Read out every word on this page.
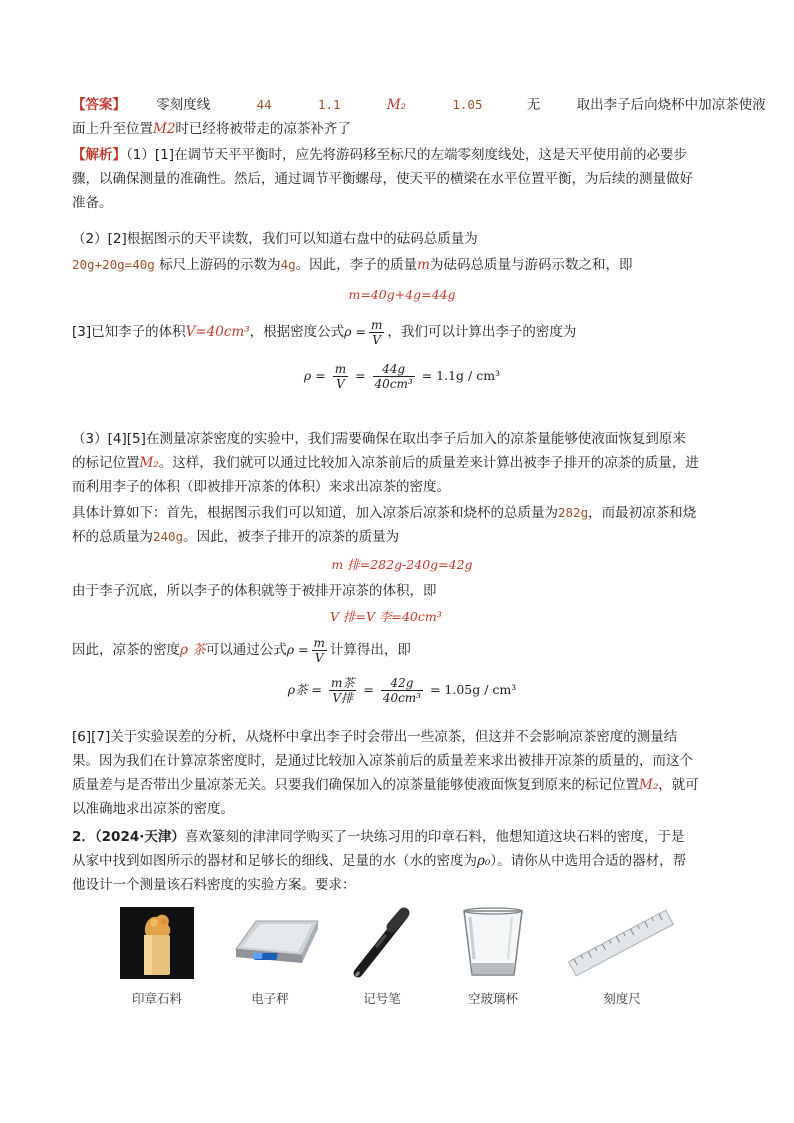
【答案】 零刻度线	44	1.1	M₂	1.05	无	取出李子后向烧杯中加凉茶使液
面上升至位置M2时已经将被带走的凉茶补齐了
【解析】（1）[1]在调节天平平衡时，应先将游码移至标尺的左端零刻度线处，这是天平使用前的必要步
骤，以确保测量的准确性。然后，通过调节平衡螺母，使天平的横梁在水平位置平衡，为后续的测量做好
准备。
（2）[2]根据图示的天平读数，我们可以知道右盘中的砝码总质量为
20g+20g=40g 标尺上游码的示数为4g。因此，李子的质量m为砝码总质量与游码示数之和，即
m=40g+4g=44g
[3]已知李子的体积V=40cm³，根据密度公式$\rho = \frac{m}{V}$ ，我们可以计算出李子的密度为
$\rho = \frac{m}{V} = \frac{44g}{\text{40cm³}} = 1.1g / cm^3$
（3）[4][5]在测量凉茶密度的实验中，我们需要确保在取出李子后加入的凉茶量能够使液面恢复到原来
的标记位置M₂。这样，我们就可以通过比较加入凉茶前后的质量差来计算出被李子排开的凉茶的质量，进
而利用李子的体积（即被排开凉茶的体积）来求出凉茶的密度。
具体计算如下：首先，根据图示我们可以知道，加入凉茶后凉茶和烧杯的总质量为282g，而最初凉茶和烧
杯的总质量为240g。因此，被李子排开的凉茶的质量为
m 排=282g-240g=42g
由于李子沉底，所以李子的体积就等于被排开凉茶的体积，即
V 排=V 李=40cm³
因此，凉茶的密度ρ 茶可以通过公式$\rho = \frac{m}{V}$ 计算得出，即
ρ茶 = $\frac{\text{m茶}}{\text{V排}} = \frac{42g}{\text{40cm³}} = 1.05g / cm^3$
[6][7]关于实验误差的分析，从烧杯中拿出李子时会带出一些凉茶，但这并不会影响凉茶密度的测量结
果。因为我们在计算凉茶密度时，是通过比较加入凉茶前后的质量差来求出被排开凉茶的质量的，而这个
质量差与是否带出少量凉茶无关。只要我们确保加入的凉茶量能够使液面恢复到原来的标记位置M₂，就可
以准确地求出凉茶的密度。
2．（2024·天津）喜欢篆刻的津津同学购买了一块练习用的印章石料，他想知道这块石料的密度，于是
从家中找到如图所示的器材和足够长的细线、足量的水（水的密度为ρ₀）。请你从中选用合适的器材，帮
他设计一个测量该石料密度的实验方案。要求：
印章石料	电子秤	记号笔	空玻璃杯	刻度尺
